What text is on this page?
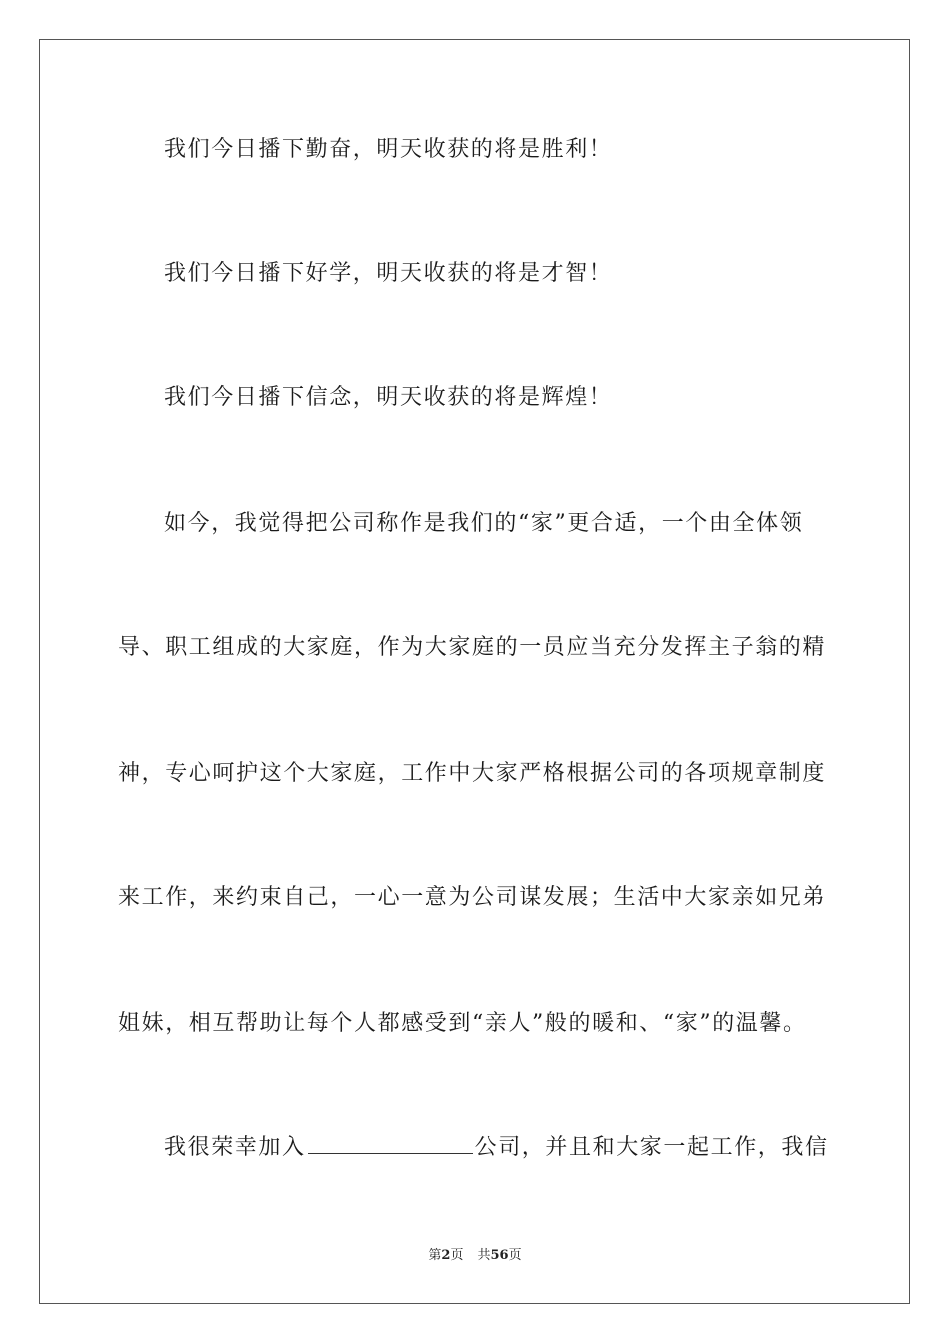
我们今日播下勤奋，明天收获的将是胜利！
我们今日播下好学，明天收获的将是才智！
我们今日播下信念，明天收获的将是辉煌！
如今，我觉得把公司称作是我们的“家”更合适，一个由全体领
导、职工组成的大家庭，作为大家庭的一员应当充分发挥主子翁的精
神，专心呵护这个大家庭，工作中大家严格根据公司的各项规章制度
来工作，来约束自己，一心一意为公司谋发展；生活中大家亲如兄弟
姐妹，相互帮助让每个人都感受到“亲人”般的暖和、“家”的温馨。
我很荣幸加入	公司，并且和大家一起工作，我信
第2页 共56页
